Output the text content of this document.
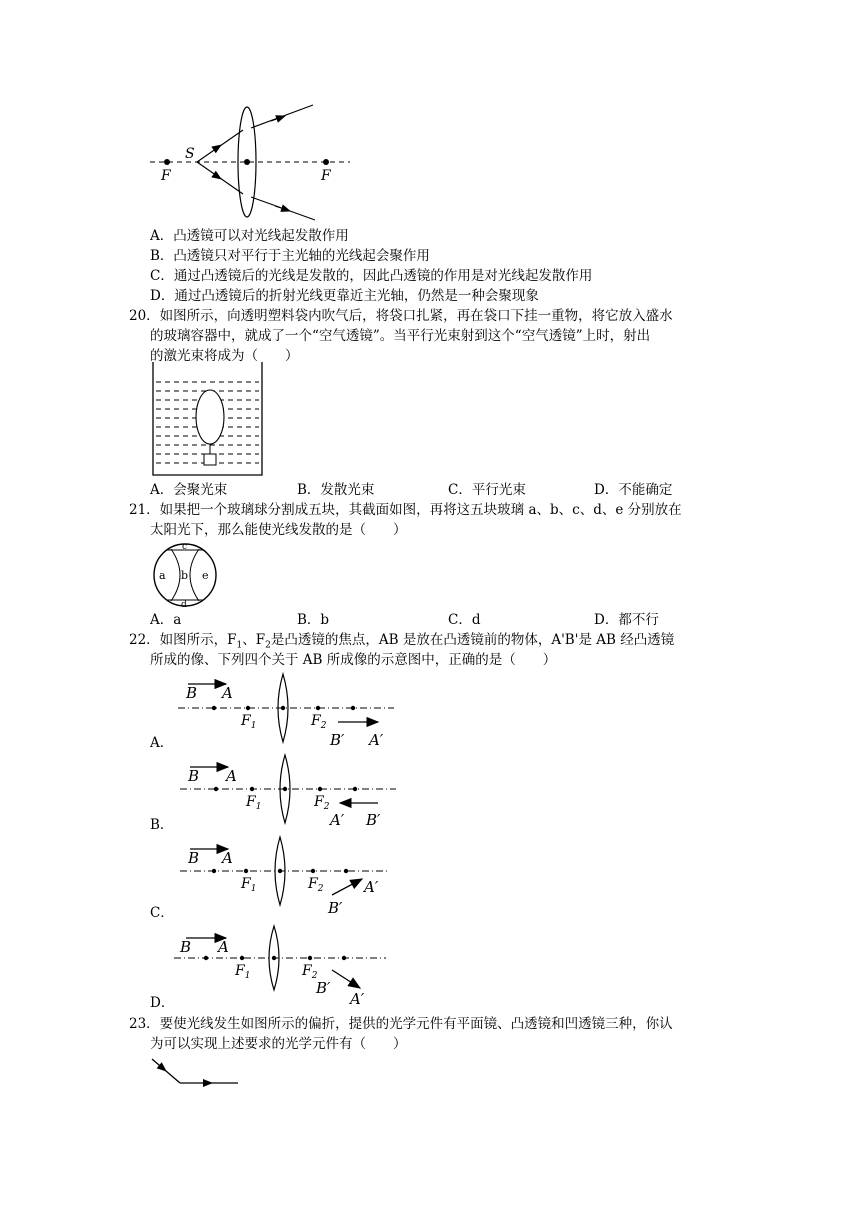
S
F	F
A．凸透镜可以对光线起发散作用
B．凸透镜只对平行于主光轴的光线起会聚作用
C．通过凸透镜后的光线是发散的，因此凸透镜的作用是对光线起发散作用
D．通过凸透镜后的折射光线更靠近主光轴，仍然是一种会聚现象
20．如图所示，向透明塑料袋内吹气后，将袋口扎紧，再在袋口下挂一重物，将它放入盛水
的玻璃容器中，就成了一个“空气透镜”。当平行光束射到这个“空气透镜”上时，射出
的激光束将成为（　　）
A．会聚光束	B．发散光束	C．平行光束	D．不能确定
21．如果把一个玻璃球分割成五块，其截面如图，再将这五块玻璃 a、b、c、d、e 分别放在
太阳光下，那么能使光线发散的是（　　）
c
a b e
d
A．a	B．b	C．d	D．都不行
22．如图所示，$F_1$、$F_2$是凸透镜的焦点，AB 是放在凸透镜前的物体，A'B'是 AB 经凸透镜
所成的像、下列四个关于 AB 所成像的示意图中，正确的是（　　）
B A
$F_1$	$F_2$
B′ A′
A．
B A
$F_1$	$F_2$
A′ B′
B．
B A
$F_1$	$F_2$	A′
B′
C．
B A
$F_1$	$F_2$
B′
A′
D．
23．要使光线发生如图所示的偏折，提供的光学元件有平面镜、凸透镜和凹透镜三种，你认
为可以实现上述要求的光学元件有（　　）
